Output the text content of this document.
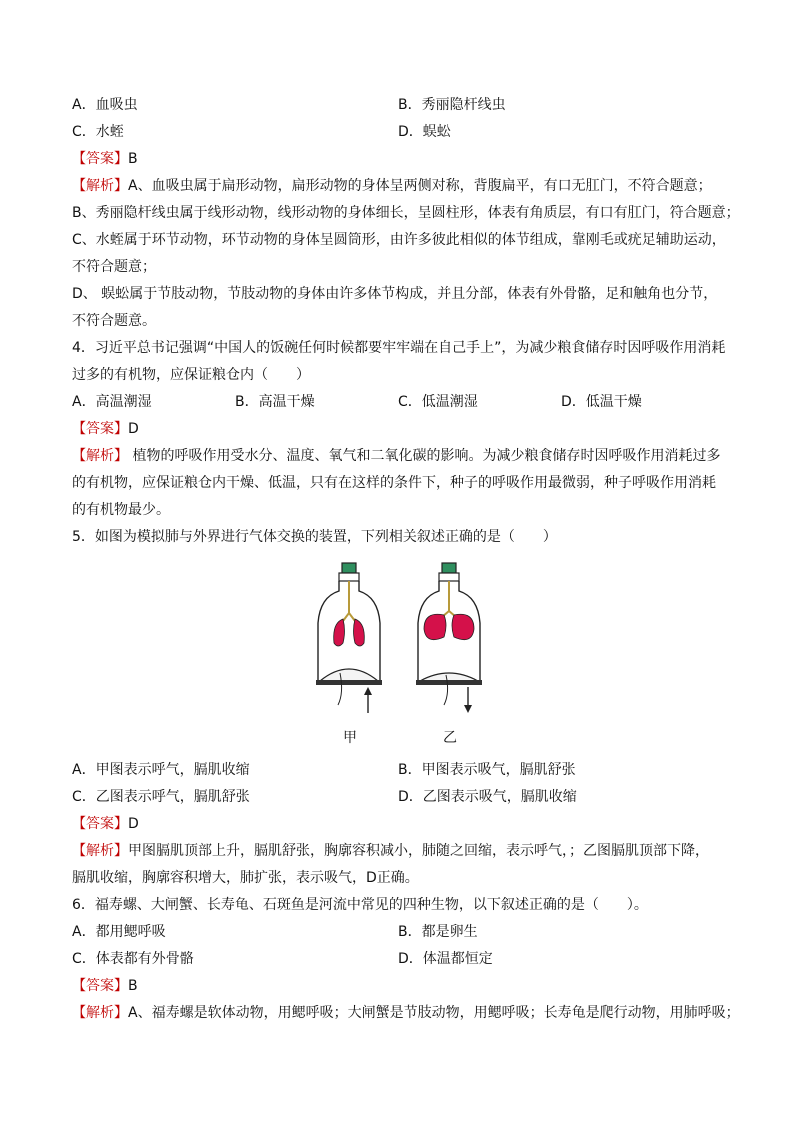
A．血吸虫	B．秀丽隐杆线虫
C．水蛭	D．蜈蚣
【答案】B
【解析】A、血吸虫属于扁形动物，扁形动物的身体呈两侧对称，背腹扁平，有口无肛门，不符合题意；
B、秀丽隐杆线虫属于线形动物，线形动物的身体细长，呈圆柱形，体表有角质层，有口有肛门，符合题意；
C、水蛭属于环节动物，环节动物的身体呈圆筒形，由许多彼此相似的体节组成，靠刚毛或疣足辅助运动，
不符合题意；
D、 蜈蚣属于节肢动物，节肢动物的身体由许多体节构成，并且分部，体表有外骨骼，足和触角也分节，
不符合题意。
4．习近平总书记强调“中国人的饭碗任何时候都要牢牢端在自己手上”，为减少粮食储存时因呼吸作用消耗
过多的有机物，应保证粮仓内（　　）
A．高温潮湿	B．高温干燥	C．低温潮湿	D．低温干燥
【答案】D
【解析】 植物的呼吸作用受水分、温度、氧气和二氧化碳的影响。为减少粮食储存时因呼吸作用消耗过多
的有机物，应保证粮仓内干燥、低温，只有在这样的条件下，种子的呼吸作用最微弱，种子呼吸作用消耗
的有机物最少。
5．如图为模拟肺与外界进行气体交换的装置，下列相关叙述正确的是（　　）
甲	乙
A．甲图表示呼气，膈肌收缩	B．甲图表示吸气，膈肌舒张
C．乙图表示呼气，膈肌舒张	D．乙图表示吸气，膈肌收缩
【答案】D
【解析】甲图膈肌顶部上升，膈肌舒张，胸廓容积减小，肺随之回缩，表示呼气，；乙图膈肌顶部下降，
膈肌收缩，胸廓容积增大，肺扩张，表示吸气，D正确。
6．福寿螺、大闸蟹、长寿龟、石斑鱼是河流中常见的四种生物，以下叙述正确的是（　　）。
A．都用鳃呼吸	B．都是卵生
C．体表都有外骨骼	D．体温都恒定
【答案】B
【解析】A、福寿螺是软体动物，用鳃呼吸；大闸蟹是节肢动物，用鳃呼吸；长寿龟是爬行动物，用肺呼吸；
